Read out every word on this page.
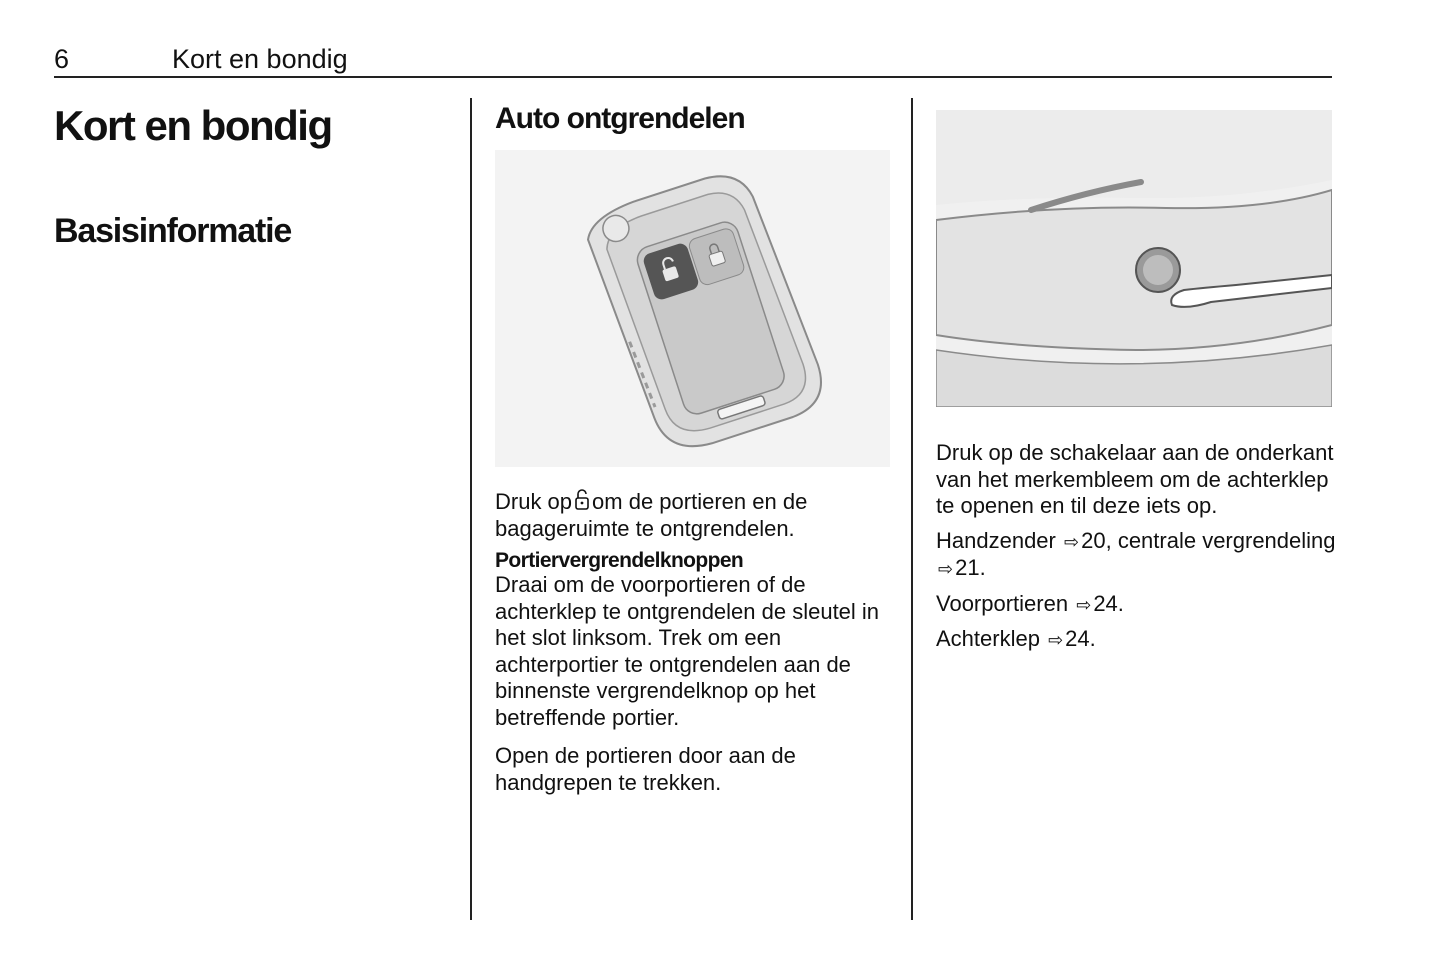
6	Kort en bondig
Kort en bondig
Basisinformatie
Auto ontgrendelen

Druk op om de portieren en de bagageruimte te ontgrendelen.

Portiervergrendelknoppen

Draai om de voorportieren of de achterklep te ontgrendelen de sleutel in het slot linksom. Trek om een achterportier te ontgrendelen aan de binnenste vergrendelknop op het betreffende portier.

Open de portieren door aan de handgrepen te trekken.

Druk op de schakelaar aan de onderkant van het merkembleem om de achterklep te openen en til deze iets op.

Handzender ⇨20, centrale vergrendeling ⇨21.

Voorportieren ⇨24.

Achterklep ⇨24.
